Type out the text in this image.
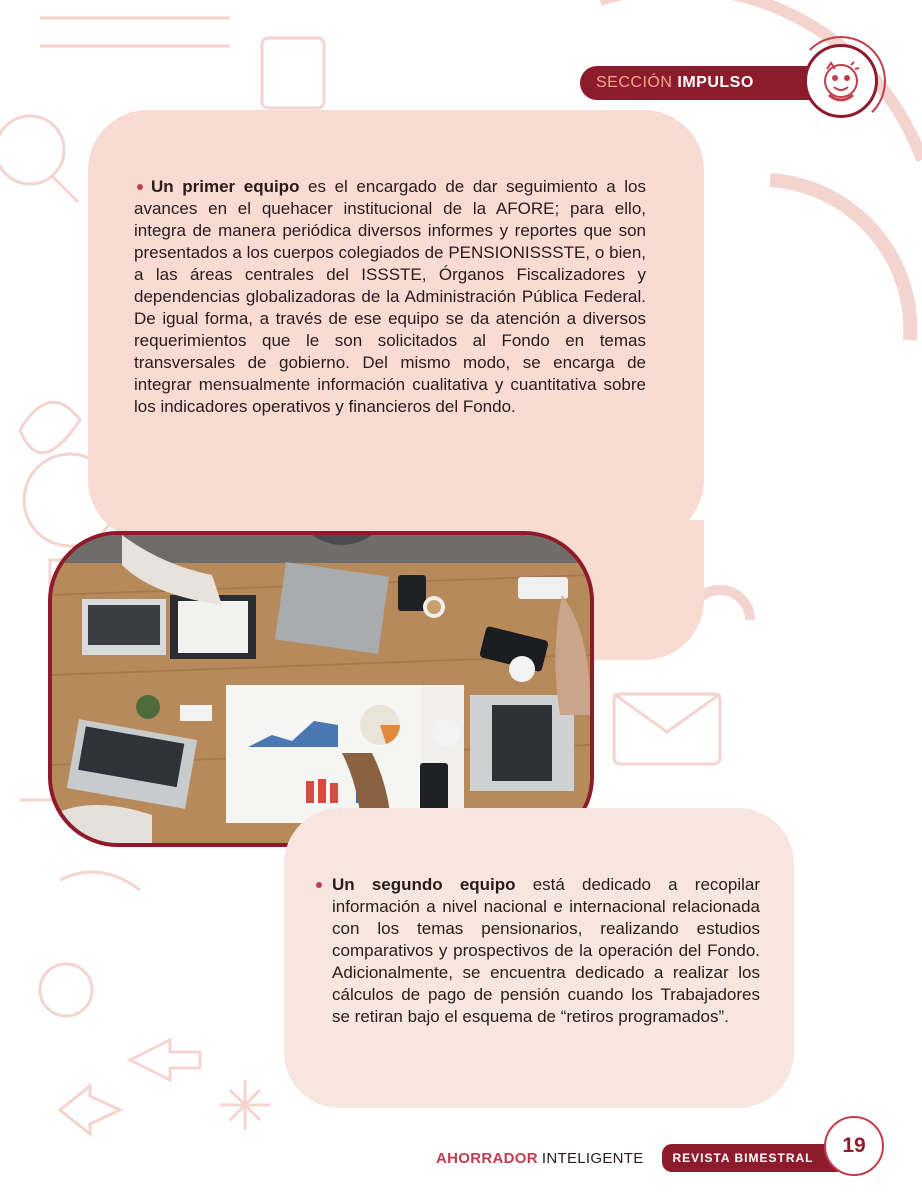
SECCIÓN IMPULSO
Un primer equipo es el encargado de dar seguimiento a los avances en el quehacer institucional de la AFORE; para ello, integra de manera periódica diversos informes y reportes que son presentados a los cuerpos colegiados de PENSIONISSSTE, o bien, a las áreas centrales del ISSSTE, Órganos Fiscalizadores y dependencias globalizadoras de la Administración Pública Federal. De igual forma, a través de ese equipo se da atención a diversos requerimientos que le son solicitados al Fondo en temas transversales de gobierno. Del mismo modo, se encarga de integrar mensualmente información cualitativa y cuantitativa sobre los indicadores operativos y financieros del Fondo.
Un segundo equipo está dedicado a recopilar información a nivel nacional e internacional relacionada con los temas pensionarios, realizando estudios comparativos y prospectivos de la operación del Fondo. Adicionalmente, se encuentra dedicado a realizar los cálculos de pago de pensión cuando los Trabajadores se retiran bajo el esquema de “retiros programados”.
AHORRADOR INTELIGENTE	REVISTA BIMESTRAL
19
